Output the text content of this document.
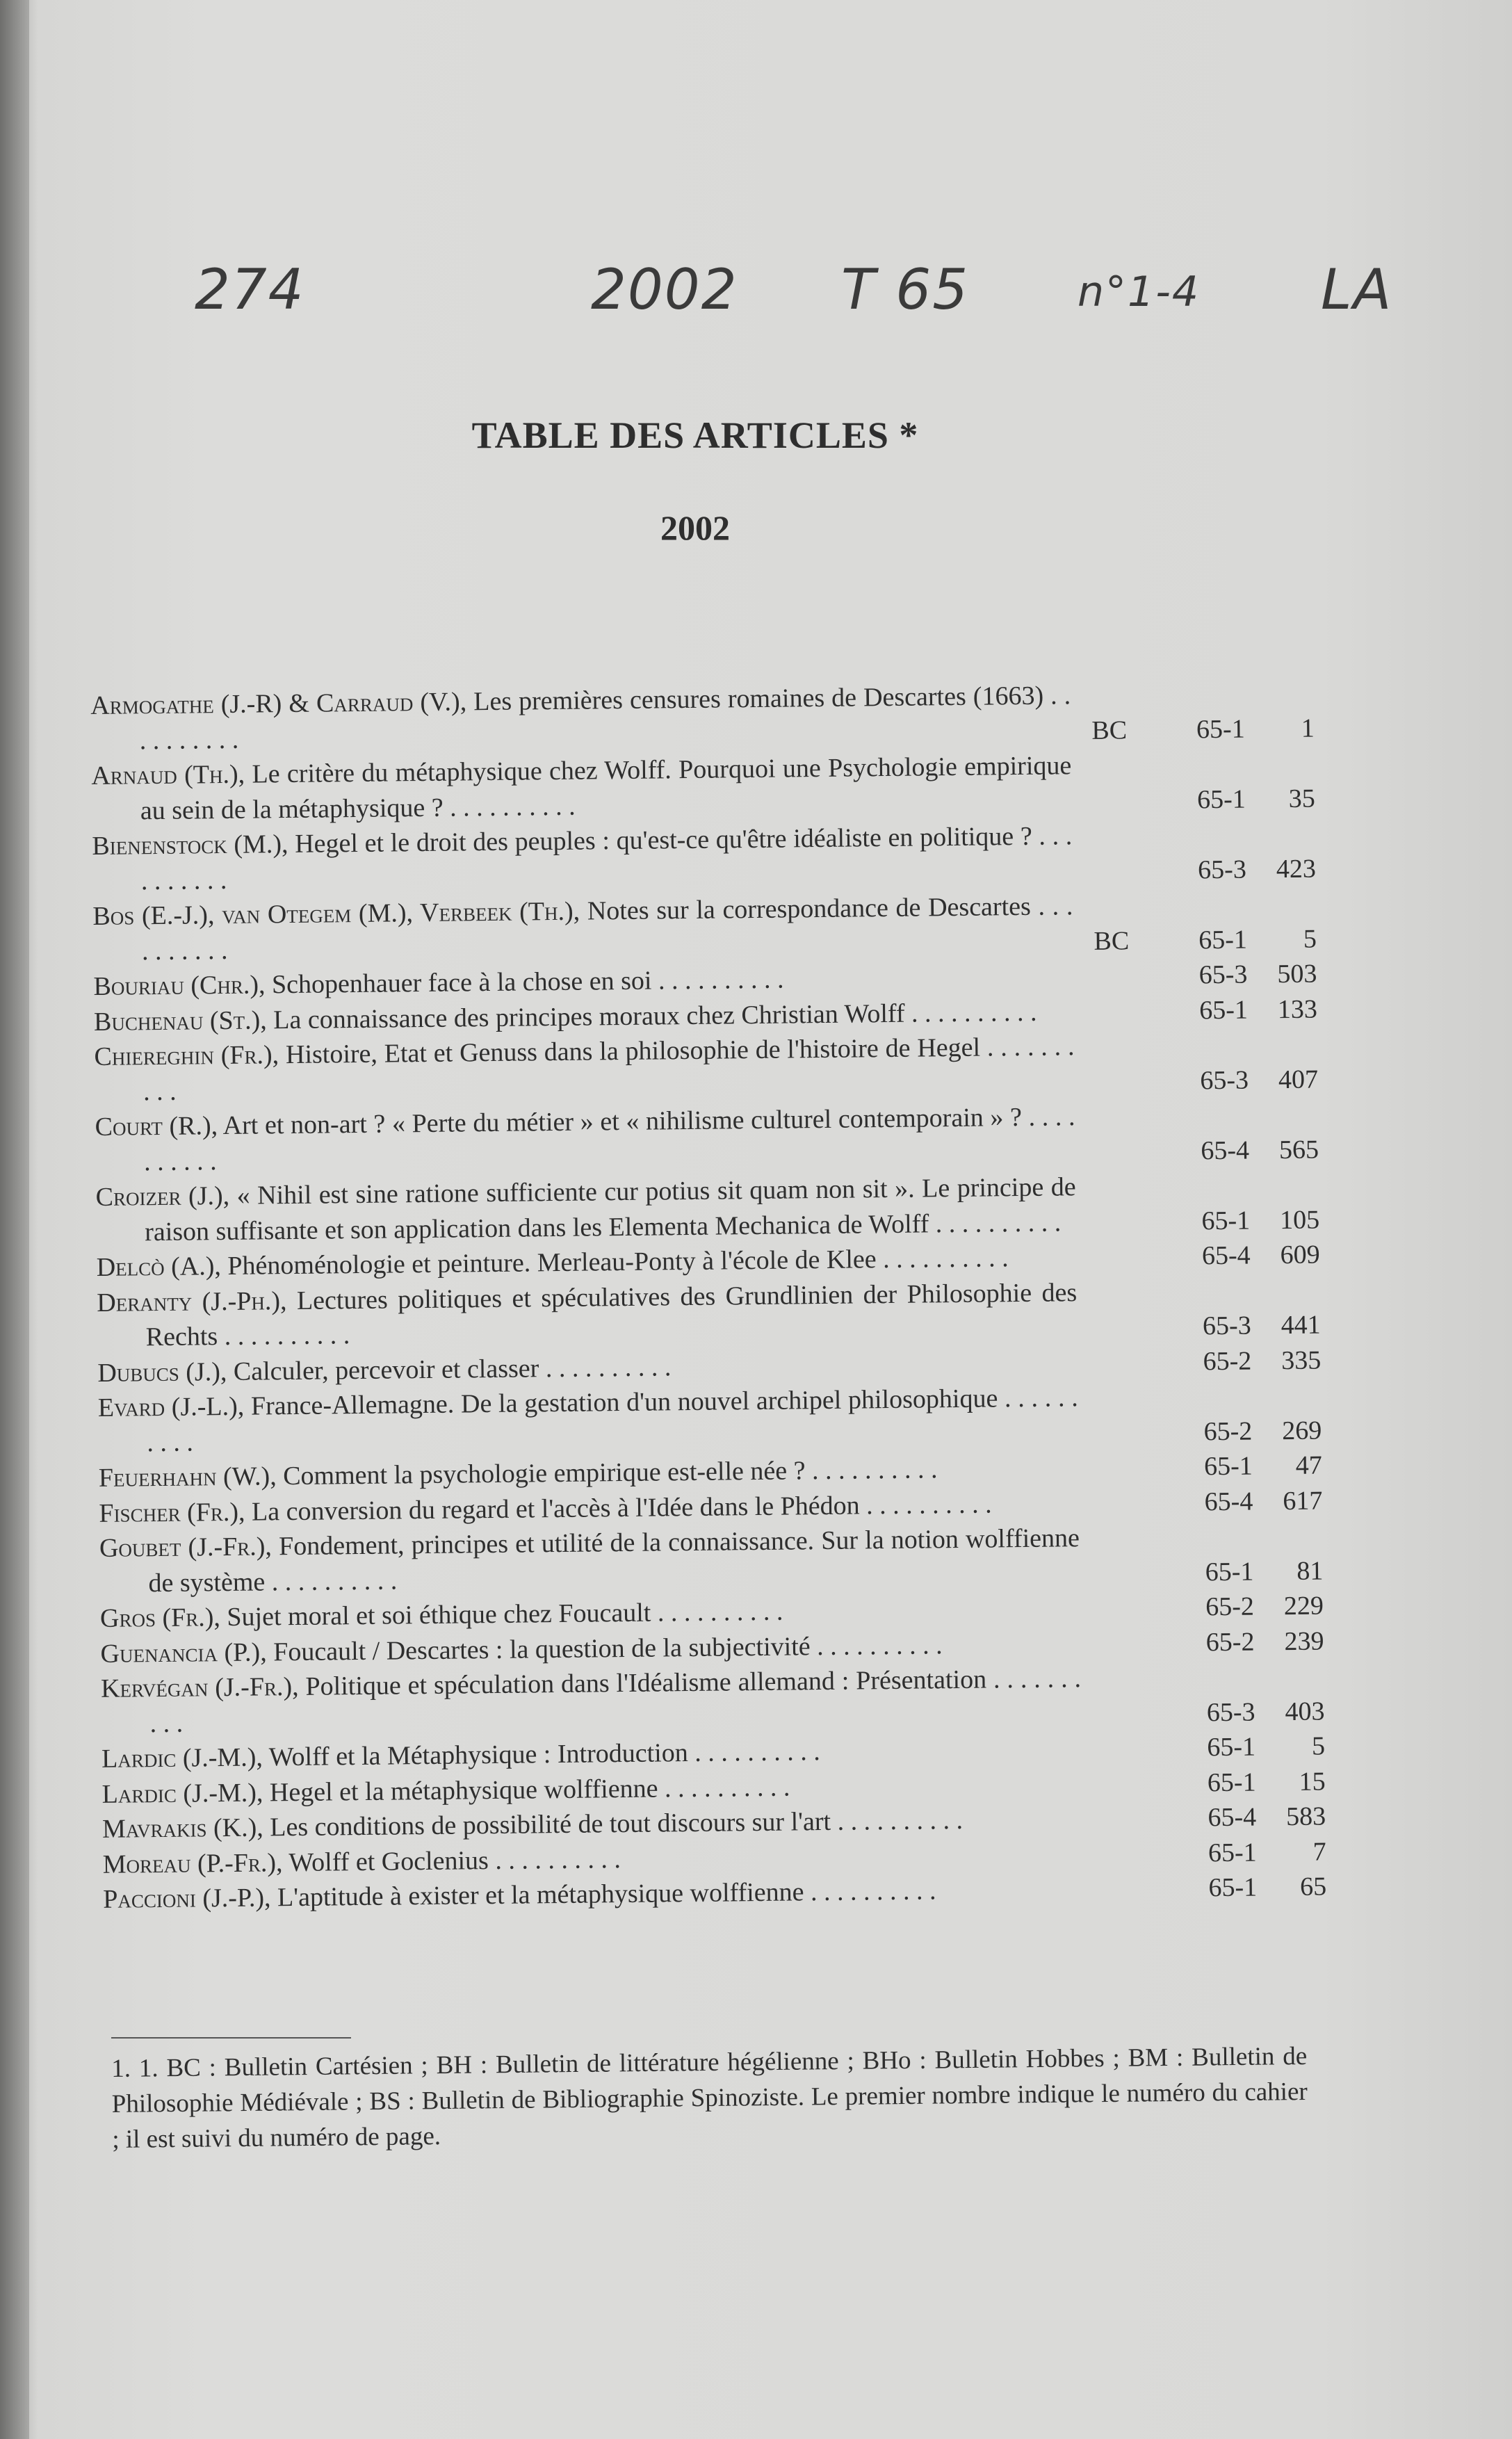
274	2002 T 65	n°1-4 LA
TABLE DES ARTICLES *
2002
Armogathe (J.-R) & Carraud (V.), Les premières censures romaines de Descartes (1663) . . . . . . . . . .	BC	65-1	1
Arnaud (Th.), Le critère du métaphysique chez Wolff. Pourquoi une Psychologie empirique au sein de la métaphysique ? . . . . . . . . . .	65-1	35
Bienenstock (M.), Hegel et le droit des peuples : qu'est-ce qu'être idéaliste en politique ? . . . . . . . . . .	65-3	423
Bos (E.-J.), van Otegem (M.), Verbeek (Th.), Notes sur la correspondance de Descartes . . . . . . . . . .	BC	65-1	5
Bouriau (Chr.), Schopenhauer face à la chose en soi . . . . . . . . . .	65-3	503
Buchenau (St.), La connaissance des principes moraux chez Christian Wolff . . . . . . . . . .	65-1	133
Chiereghin (Fr.), Histoire, Etat et Genuss dans la philosophie de l'histoire de Hegel . . . . . . . . . .	65-3	407
Court (R.), Art et non-art ? « Perte du métier » et « nihilisme culturel contemporain » ? . . . . . . . . . .	65-4	565
Croizer (J.), « Nihil est sine ratione sufficiente cur potius sit quam non sit ». Le principe de raison suffisante et son application dans les Elementa Mechanica de Wolff . . . . . . . . . .	65-1	105
Delcò (A.), Phénoménologie et peinture. Merleau-Ponty à l'école de Klee . . . . . . . . . .	65-4	609
Deranty (J.-Ph.), Lectures politiques et spéculatives des Grundlinien der Philosophie des Rechts . . . . . . . . . .	65-3	441
Dubucs (J.), Calculer, percevoir et classer . . . . . . . . . .	65-2	335
Evard (J.-L.), France-Allemagne. De la gestation d'un nouvel archipel philosophique . . . . . . . . . .	65-2	269
Feuerhahn (W.), Comment la psychologie empirique est-elle née ? . . . . . . . . . .	65-1	47
Fischer (Fr.), La conversion du regard et l'accès à l'Idée dans le Phédon . . . . . . . . . .	65-4	617
Goubet (J.-Fr.), Fondement, principes et utilité de la connaissance. Sur la notion wolffienne de système . . . . . . . . . .	65-1	81
Gros (Fr.), Sujet moral et soi éthique chez Foucault . . . . . . . . . .	65-2	229
Guenancia (P.), Foucault / Descartes : la question de la subjectivité . . . . . . . . . .	65-2	239
Kervégan (J.-Fr.), Politique et spéculation dans l'Idéalisme allemand : Présentation . . . . . . . . . .	65-3	403
Lardic (J.-M.), Wolff et la Métaphysique : Introduction . . . . . . . . . .	65-1	5
Lardic (J.-M.), Hegel et la métaphysique wolffienne . . . . . . . . . .	65-1	15
Mavrakis (K.), Les conditions de possibilité de tout discours sur l'art . . . . . . . . . .	65-4	583
Moreau (P.-Fr.), Wolff et Goclenius . . . . . . . . . .	65-1	7
Paccioni (J.-P.), L'aptitude à exister et la métaphysique wolffienne . . . . . . . . . .	65-1	65
1. 1. BC : Bulletin Cartésien ; BH : Bulletin de littérature hégélienne ; BHo : Bulletin Hobbes ; BM : Bulletin de Philosophie Médiévale ; BS : Bulletin de Bibliographie Spinoziste. Le premier nombre indique le numéro du cahier ; il est suivi du numéro de page.
